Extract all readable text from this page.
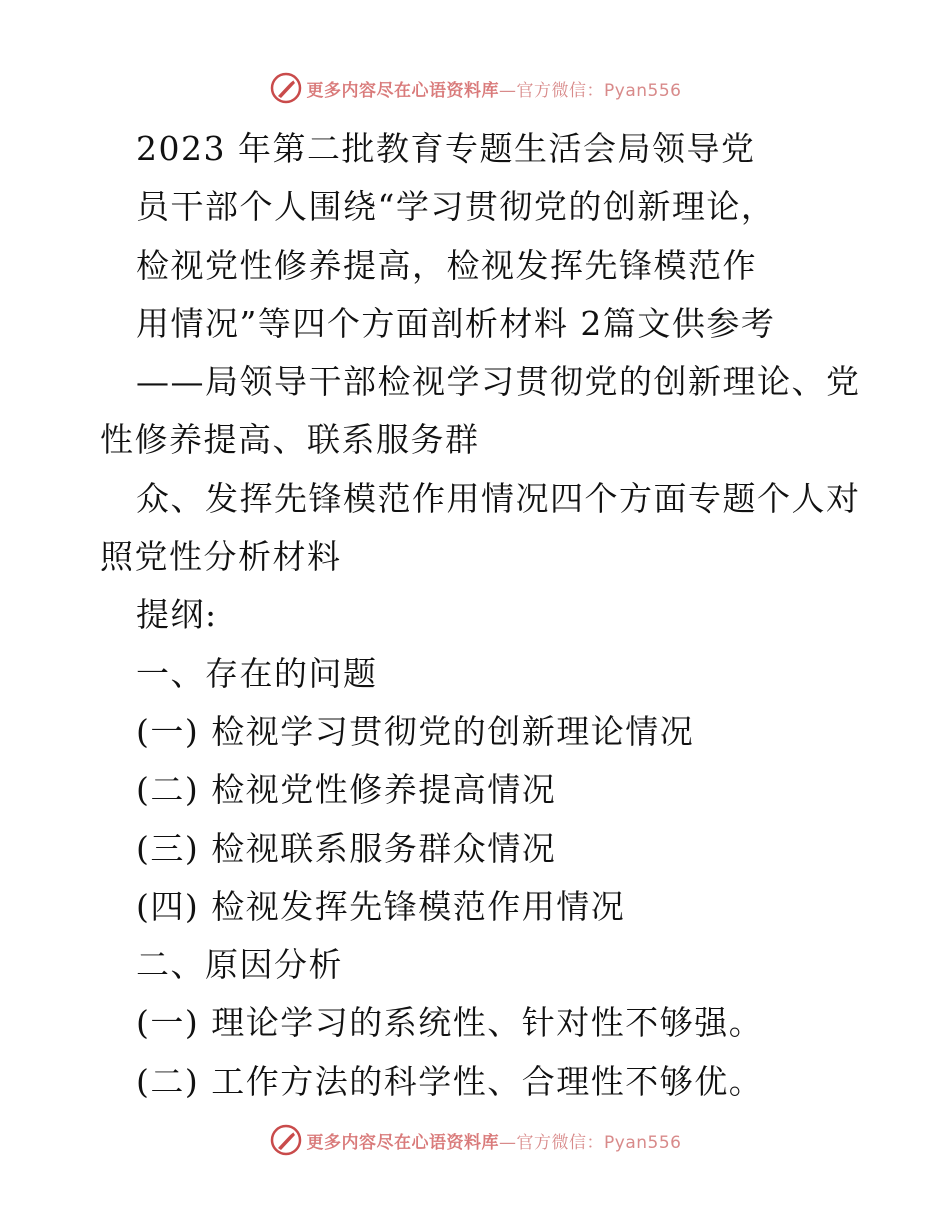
更多内容尽在心语资料库—官方微信：Pyan556
2023 年第二批教育专题生活会局领导党
员干部个人围绕“学习贯彻党的创新理论，
检视党性修养提高，检视发挥先锋模范作
用情况”等四个方面剖析材料 2篇文供参考
——局领导干部检视学习贯彻党的创新理论、党
性修养提高、联系服务群
众、发挥先锋模范作用情况四个方面专题个人对
照党性分析材料
提纲:
一、存在的问题
(一) 检视学习贯彻党的创新理论情况
(二) 检视党性修养提高情况
(三) 检视联系服务群众情况
(四) 检视发挥先锋模范作用情况
二、原因分析
(一) 理论学习的系统性、针对性不够强。
(二) 工作方法的科学性、合理性不够优。
更多内容尽在心语资料库—官方微信：Pyan556
